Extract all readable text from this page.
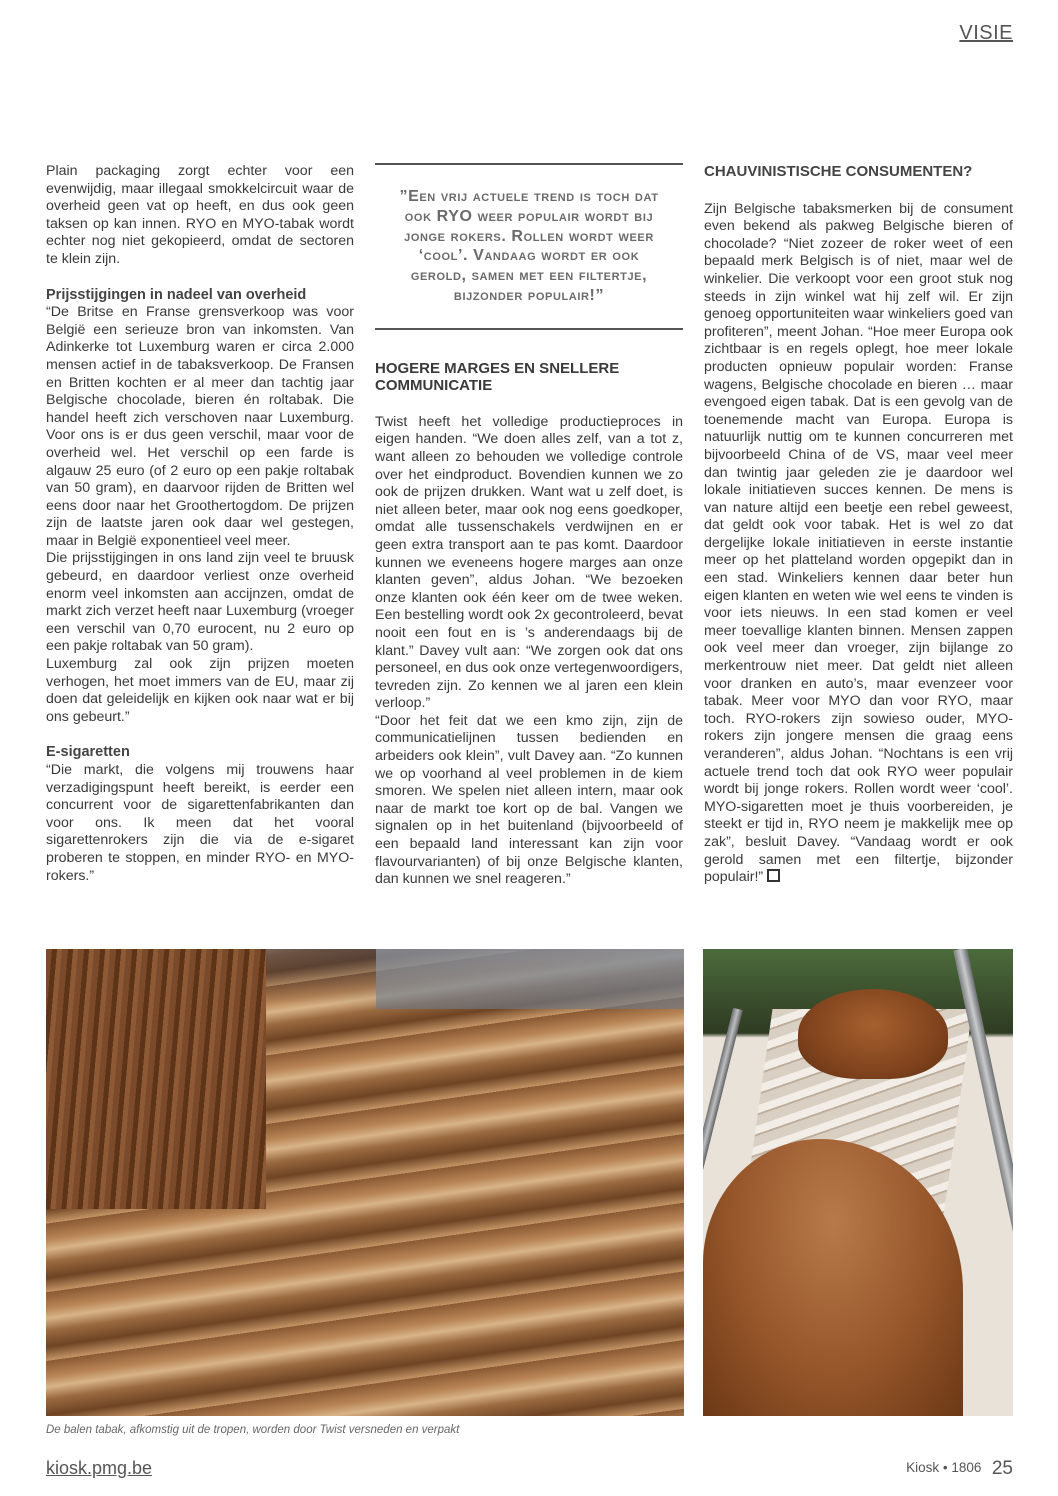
VISIE

Plain packaging zorgt echter voor een evenwijdig, maar illegaal smokkelcircuit waar de overheid geen vat op heeft, en dus ook geen taksen op kan innen. RYO en MYO-tabak wordt echter nog niet gekopieerd, omdat de sectoren te klein zijn.

Prijsstijgingen in nadeel van overheid

“De Britse en Franse grensverkoop was voor België een serieuze bron van inkomsten. Van Adinkerke tot Luxemburg waren er circa 2.000 mensen actief in de tabaksverkoop. De Fransen en Britten kochten er al meer dan tachtig jaar Belgische chocolade, bieren én roltabak. Die handel heeft zich verschoven naar Luxemburg. Voor ons is er dus geen verschil, maar voor de overheid wel. Het verschil op een farde is algauw 25 euro (of 2 euro op een pakje roltabak van 50 gram), en daarvoor rijden de Britten wel eens door naar het Groothertogdom. De prijzen zijn de laatste jaren ook daar wel gestegen, maar in België exponentieel veel meer.

Die prijsstijgingen in ons land zijn veel te bruusk gebeurd, en daardoor verliest onze overheid enorm veel inkomsten aan accijnzen, omdat de markt zich verzet heeft naar Luxemburg (vroeger een verschil van 0,70 eurocent, nu 2 euro op een pakje roltabak van 50 gram).

Luxemburg zal ook zijn prijzen moeten verhogen, het moet immers van de EU, maar zij doen dat geleidelijk en kijken ook naar wat er bij ons gebeurt.”

E-sigaretten

“Die markt, die volgens mij trouwens haar verzadigingspunt heeft bereikt, is eerder een concurrent voor de sigarettenfabrikanten dan voor ons. Ik meen dat het vooral sigarettenrokers zijn die via de e-sigaret proberen te stoppen, en minder RYO- en MYO-rokers.”

”Een vrij actuele trend is toch dat ook RYO weer populair wordt bij jonge rokers. Rollen wordt weer ‘cool’. Vandaag wordt er ook gerold, samen met een filtertje, bijzonder populair!”
HOGERE MARGES EN SNELLERE COMMUNICATIE

Twist heeft het volledige productieproces in eigen handen. “We doen alles zelf, van a tot z, want alleen zo behouden we volledige controle over het eindproduct. Bovendien kunnen we zo ook de prijzen drukken. Want wat u zelf doet, is niet alleen beter, maar ook nog eens goedkoper, omdat alle tussenschakels verdwijnen en er geen extra transport aan te pas komt. Daardoor kunnen we eveneens hogere marges aan onze klanten geven”, aldus Johan. “We bezoeken onze klanten ook één keer om de twee weken. Een bestelling wordt ook 2x gecontroleerd, bevat nooit een fout en is ’s anderendaags bij de klant.” Davey vult aan: “We zorgen ook dat ons personeel, en dus ook onze vertegenwoordigers, tevreden zijn. Zo kennen we al jaren een klein verloop.”

“Door het feit dat we een kmo zijn, zijn de communicatielijnen tussen bedienden en arbeiders ook klein”, vult Davey aan. “Zo kunnen we op voorhand al veel problemen in de kiem smoren. We spelen niet alleen intern, maar ook naar de markt toe kort op de bal. Vangen we signalen op in het buitenland (bijvoorbeeld of een bepaald land interessant kan zijn voor flavourvarianten) of bij onze Belgische klanten, dan kunnen we snel reageren.”

CHAUVINISTISCHE CONSUMENTEN?

Zijn Belgische tabaksmerken bij de consument even bekend als pakweg Belgische bieren of chocolade? “Niet zozeer de roker weet of een bepaald merk Belgisch is of niet, maar wel de winkelier. Die verkoopt voor een groot stuk nog steeds in zijn winkel wat hij zelf wil. Er zijn genoeg opportuniteiten waar winkeliers goed van profiteren”, meent Johan. “Hoe meer Europa ook zichtbaar is en regels oplegt, hoe meer lokale producten opnieuw populair worden: Franse wagens, Belgische chocolade en bieren … maar evengoed eigen tabak. Dat is een gevolg van de toenemende macht van Europa. Europa is natuurlijk nuttig om te kunnen concurreren met bijvoorbeeld China of de VS, maar veel meer dan twintig jaar geleden zie je daardoor wel lokale initiatieven succes kennen. De mens is van nature altijd een beetje een rebel geweest, dat geldt ook voor tabak. Het is wel zo dat dergelijke lokale initiatieven in eerste instantie meer op het platteland worden opgepikt dan in een stad. Winkeliers kennen daar beter hun eigen klanten en weten wie wel eens te vinden is voor iets nieuws. In een stad komen er veel meer toevallige klanten binnen. Mensen zappen ook veel meer dan vroeger, zijn bijlange zo merkentrouw niet meer. Dat geldt niet alleen voor dranken en auto’s, maar evenzeer voor tabak. Meer voor MYO dan voor RYO, maar toch. RYO-rokers zijn sowieso ouder, MYO-rokers zijn jongere mensen die graag eens veranderen”, aldus Johan. “Nochtans is een vrij actuele trend toch dat ook RYO weer populair wordt bij jonge rokers. Rollen wordt weer ‘cool’. MYO-sigaretten moet je thuis voorbereiden, je steekt er tijd in, RYO neem je makkelijk mee op zak”, besluit Davey. “Vandaag wordt er ook gerold samen met een filtertje, bijzonder populair!”

De balen tabak, afkomstig uit de tropen, worden door Twist versneden en verpakt
kiosk.pmg.be	Kiosk • 1806 25
